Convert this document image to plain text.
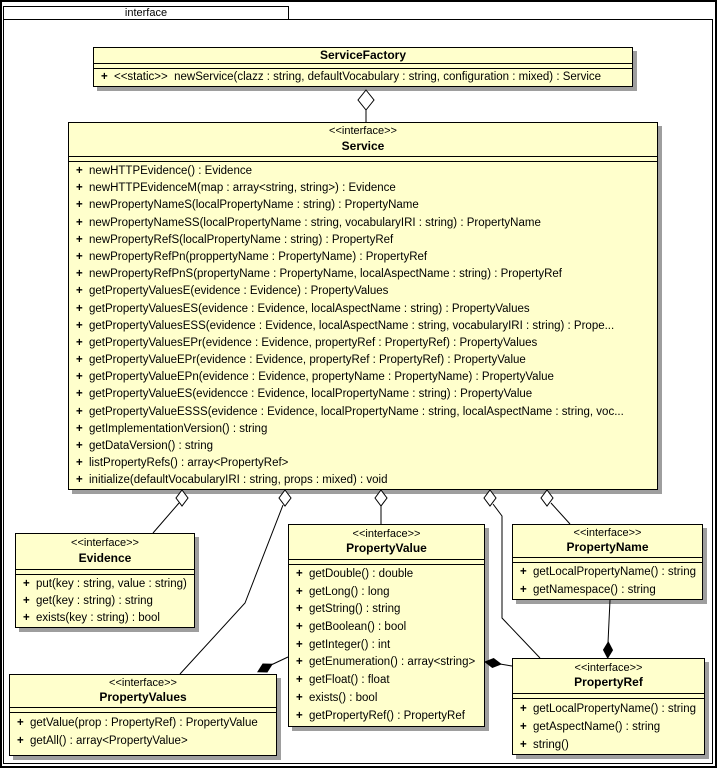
interface
ServiceFactory
+ <<static>>  newService(clazz : string, defaultVocabulary : string, configuration : mixed) : Service
<<interface>>
Service
+ newHTTPEvidence() : Evidence
+ newHTTPEvidenceM(map : array<string, string>) : Evidence
+ newPropertyNameS(localPropertyName : string) : PropertyName
+ newPropertyNameSS(localPropertyName : string, vocabularyIRI : string) : PropertyName
+ newPropertyRefS(localPropertyName : string) : PropertyRef
+ newPropertyRefPn(proppertyName : PropertyName) : PropertyRef
+ newPropertyRefPnS(propertyName : PropertyName, localAspectName : string) : PropertyRef
+ getPropertyValuesE(evidence : Evidence) : PropertyValues
+ getPropertyValuesES(evidence : Evidence, localAspectName : string) : PropertyValues
+ getPropertyValuesESS(evidence : Evidence, localAspectName : string, vocabularyIRI : string) : Prope...
+ getPropertyValuesEPr(evidence : Evidence, propertyRef : PropertyRef) : PropertyValues
+ getPropertyValueEPr(evidence : Evidence, propertyRef : PropertyRef) : PropertyValue
+ getPropertyValueEPn(evidence : Evidence, propertyName : PropertyName) : PropertyValue
+ getPropertyValueES(evidencce : Evidence, localPropertyName : string) : PropertyValue
+ getPropertyValueESSS(evidence : Evidence, localPropertyName : string, localAspectName : string, voc...
+ getImplementationVersion() : string
+ getDataVersion() : string
+ listPropertyRefs() : array<PropertyRef>
+ initialize(defaultVocabularyIRI : string, props : mixed) : void
<<interface>>
Evidence
+ put(key : string, value : string)
+ get(key : string) : string
+ exists(key : string) : bool
<<interface>>
PropertyValue
+ getDouble() : double
+ getLong() : long
+ getString() : string
+ getBoolean() : bool
+ getInteger() : int
+ getEnumeration() : array<string>
+ getFloat() : float
+ exists() : bool
+ getPropertyRef() : PropertyRef
<<interface>>
PropertyName
+ getLocalPropertyName() : string
+ getNamespace() : string
<<interface>>
PropertyValues
+ getValue(prop : PropertyRef) : PropertyValue
+ getAll() : array<PropertyValue>
<<interface>>
PropertyRef
+ getLocalPropertyName() : string
+ getAspectName() : string
+ string()
